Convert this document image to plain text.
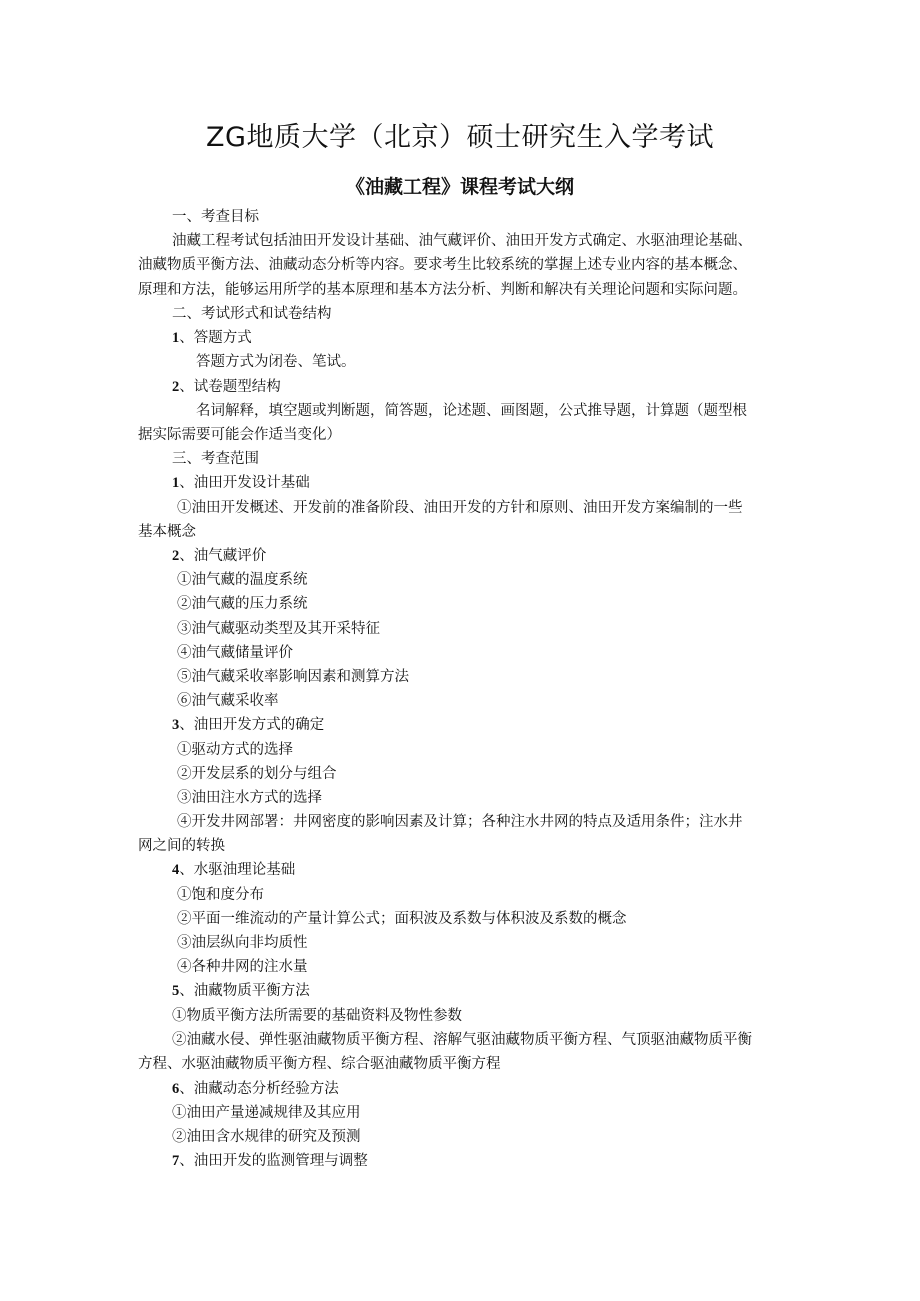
ZG地质大学（北京）硕士研究生入学考试
《油藏工程》课程考试大纲
一、考查目标
油藏工程考试包括油田开发设计基础、油气藏评价、油田开发方式确定、水驱油理论基础、
油藏物质平衡方法、油藏动态分析等内容。要求考生比较系统的掌握上述专业内容的基本概念、
原理和方法，能够运用所学的基本原理和基本方法分析、判断和解决有关理论问题和实际问题。
二、考试形式和试卷结构
1、答题方式
答题方式为闭卷、笔试。
2、试卷题型结构
名词解释，填空题或判断题，简答题，论述题、画图题，公式推导题，计算题（题型根
据实际需要可能会作适当变化）
三、考查范围
1、油田开发设计基础
①油田开发概述、开发前的准备阶段、油田开发的方针和原则、油田开发方案编制的一些
基本概念
2、油气藏评价
①油气藏的温度系统
②油气藏的压力系统
③油气藏驱动类型及其开采特征
④油气藏储量评价
⑤油气藏采收率影响因素和测算方法
⑥油气藏采收率
3、油田开发方式的确定
①驱动方式的选择
②开发层系的划分与组合
③油田注水方式的选择
④开发井网部署：井网密度的影响因素及计算；各种注水井网的特点及适用条件；注水井
网之间的转换
4、水驱油理论基础
①饱和度分布
②平面一维流动的产量计算公式；面积波及系数与体积波及系数的概念
③油层纵向非均质性
④各种井网的注水量
5、油藏物质平衡方法
①物质平衡方法所需要的基础资料及物性参数
②油藏水侵、弹性驱油藏物质平衡方程、溶解气驱油藏物质平衡方程、气顶驱油藏物质平衡
方程、水驱油藏物质平衡方程、综合驱油藏物质平衡方程
6、油藏动态分析经验方法
①油田产量递减规律及其应用
②油田含水规律的研究及预测
7、油田开发的监测管理与调整
